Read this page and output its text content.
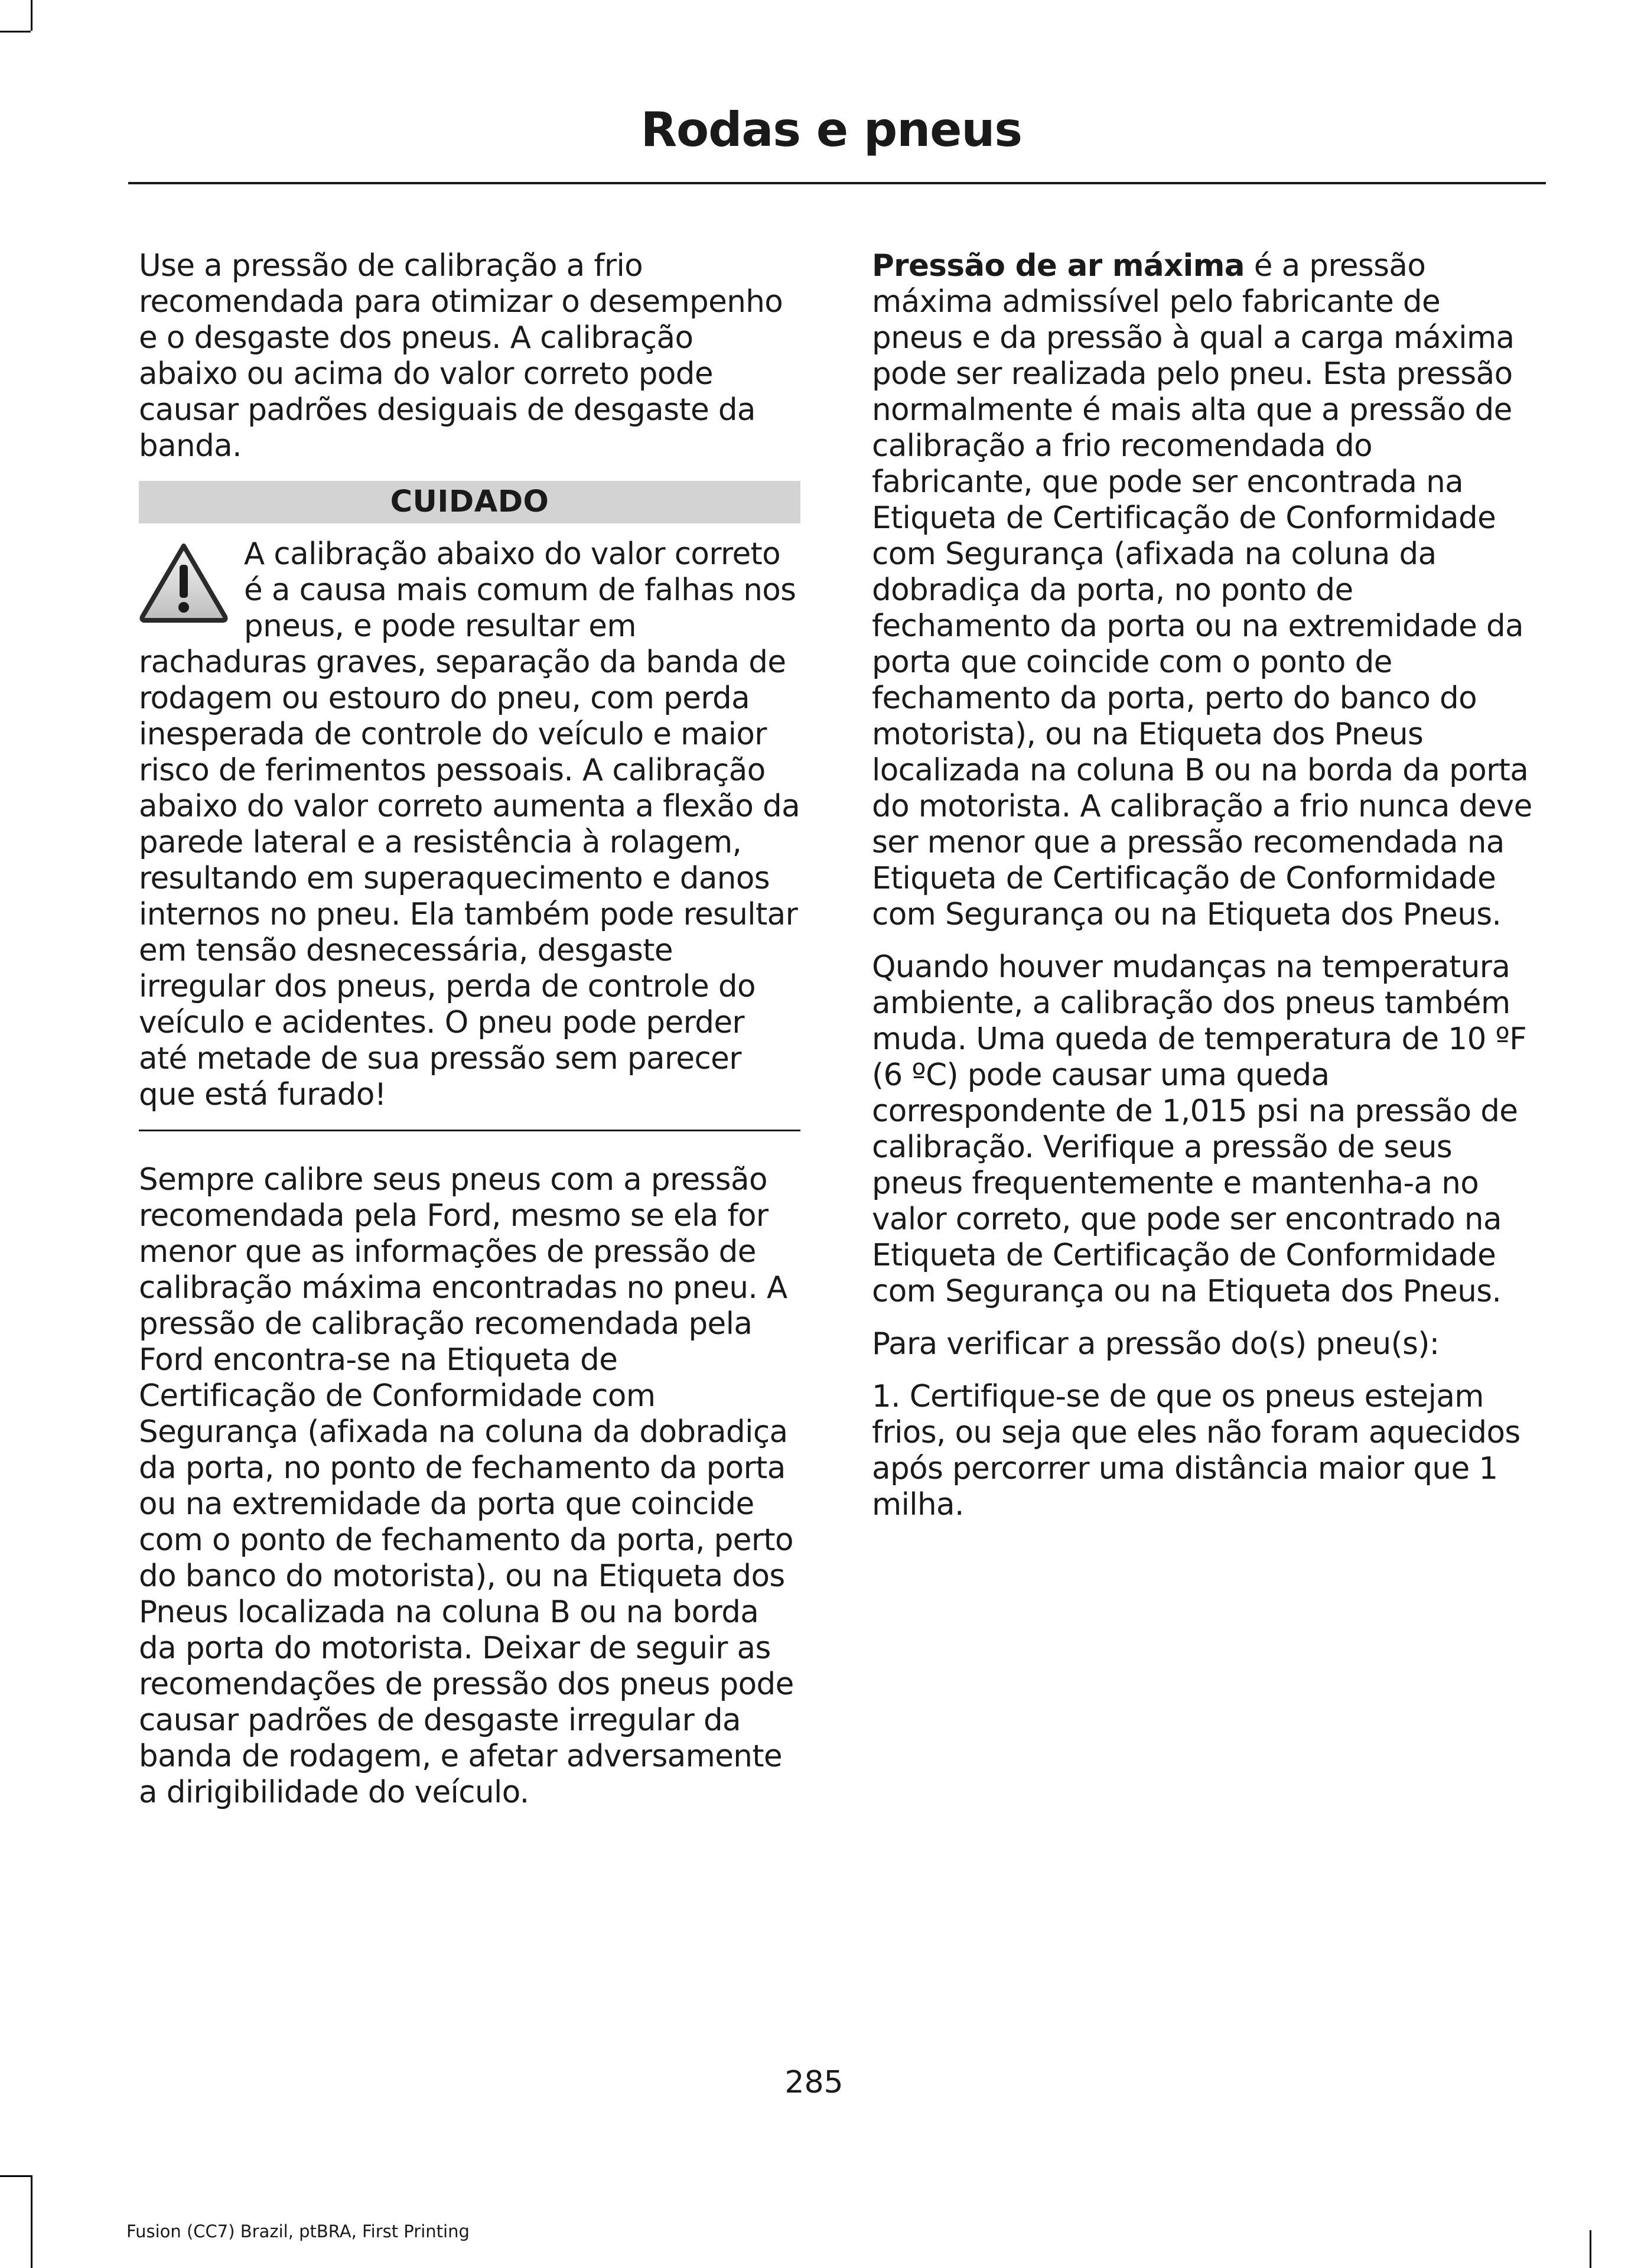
Rodas e pneus

Use a pressão de calibração a frio recomendada para otimizar o desempenho e o desgaste dos pneus. A calibração abaixo ou acima do valor correto pode causar padrões desiguais de desgaste da banda.

CUIDADO

A calibração abaixo do valor correto é a causa mais comum de falhas nos pneus, e pode resultar em rachaduras graves, separação da banda de rodagem ou estouro do pneu, com perda inesperada de controle do veículo e maior risco de ferimentos pessoais. A calibração abaixo do valor correto aumenta a flexão da parede lateral e a resistência à rolagem, resultando em superaquecimento e danos internos no pneu. Ela também pode resultar em tensão desnecessária, desgaste irregular dos pneus, perda de controle do veículo e acidentes. O pneu pode perder até metade de sua pressão sem parecer que está furado!

Sempre calibre seus pneus com a pressão recomendada pela Ford, mesmo se ela for menor que as informações de pressão de calibração máxima encontradas no pneu. A pressão de calibração recomendada pela Ford encontra-se na Etiqueta de Certificação de Conformidade com Segurança (afixada na coluna da dobradiça da porta, no ponto de fechamento da porta ou na extremidade da porta que coincide com o ponto de fechamento da porta, perto do banco do motorista), ou na Etiqueta dos Pneus localizada na coluna B ou na borda da porta do motorista. Deixar de seguir as recomendações de pressão dos pneus pode causar padrões de desgaste irregular da banda de rodagem, e afetar adversamente a dirigibilidade do veículo.

Pressão de ar máxima é a pressão máxima admissível pelo fabricante de pneus e da pressão à qual a carga máxima pode ser realizada pelo pneu. Esta pressão normalmente é mais alta que a pressão de calibração a frio recomendada do fabricante, que pode ser encontrada na Etiqueta de Certificação de Conformidade com Segurança (afixada na coluna da dobradiça da porta, no ponto de fechamento da porta ou na extremidade da porta que coincide com o ponto de fechamento da porta, perto do banco do motorista), ou na Etiqueta dos Pneus localizada na coluna B ou na borda da porta do motorista. A calibração a frio nunca deve ser menor que a pressão recomendada na Etiqueta de Certificação de Conformidade com Segurança ou na Etiqueta dos Pneus.

Quando houver mudanças na temperatura ambiente, a calibração dos pneus também muda. Uma queda de temperatura de 10 ºF (6 ºC) pode causar uma queda correspondente de 1,015 psi na pressão de calibração. Verifique a pressão de seus pneus frequentemente e mantenha-a no valor correto, que pode ser encontrado na Etiqueta de Certificação de Conformidade com Segurança ou na Etiqueta dos Pneus.

Para verificar a pressão do(s) pneu(s):

1. Certifique-se de que os pneus estejam frios, ou seja que eles não foram aquecidos após percorrer uma distância maior que 1 milha.

285
Fusion (CC7) Brazil, ptBRA, First Printing
